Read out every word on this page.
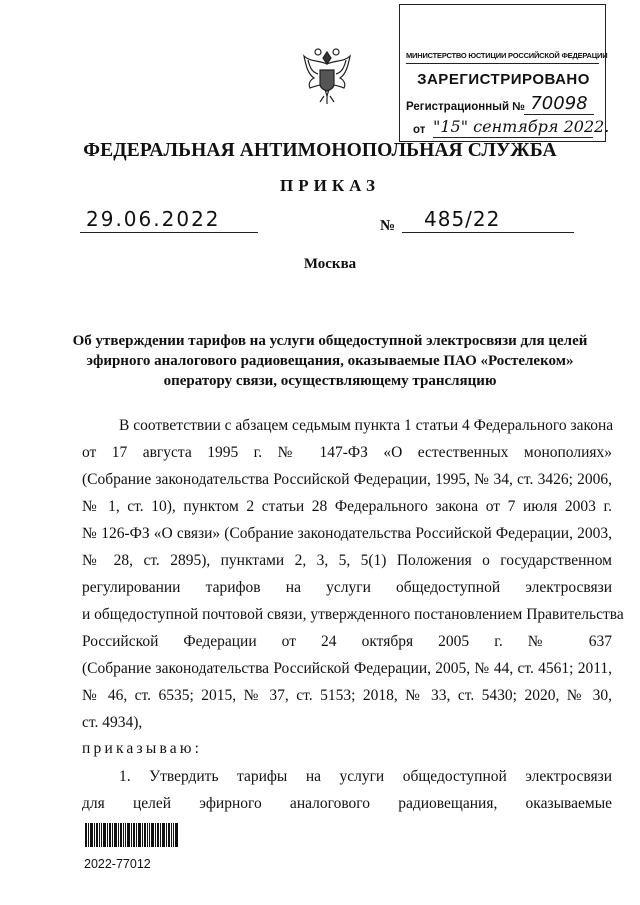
МИНИСТЕРСТВО ЮСТИЦИИ РОССИЙСКОЙ ФЕДЕРАЦИИ
ЗАРЕГИСТРИРОВАНО
Регистрационный № 70098
от "15" сентября 2022.
ФЕДЕРАЛЬНАЯ АНТИМОНОПОЛЬНАЯ СЛУЖБА
ПРИКАЗ
29.06.2022	№	485/22
Москва
Об утверждении тарифов на услуги общедоступной электросвязи для целей
эфирного аналогового радиовещания, оказываемые ПАО «Ростелеком»
оператору связи, осуществляющему трансляцию
В соответствии с абзацем седьмым пункта 1 статьи 4 Федерального закона
от 17 августа 1995 г. № 147-ФЗ «О естественных монополиях»
(Собрание законодательства Российской Федерации, 1995, № 34, ст. 3426; 2006,
№ 1, ст. 10), пунктом 2 статьи 28 Федерального закона от 7 июля 2003 г.
№ 126-ФЗ «О связи» (Собрание законодательства Российской Федерации, 2003,
№ 28, ст. 2895), пунктами 2, 3, 5, 5(1) Положения о государственном
регулировании тарифов на услуги общедоступной электросвязи
и общедоступной почтовой связи, утвержденного постановлением Правительства
Российской Федерации от 24 октября 2005 г. № 637
(Собрание законодательства Российской Федерации, 2005, № 44, ст. 4561; 2011,
№ 46, ст. 6535; 2015, № 37, ст. 5153; 2018, № 33, ст. 5430; 2020, № 30,
ст. 4934),
приказываю:
1. Утвердить тарифы на услуги общедоступной электросвязи
для целей эфирного аналогового радиовещания, оказываемые
2022-77012
